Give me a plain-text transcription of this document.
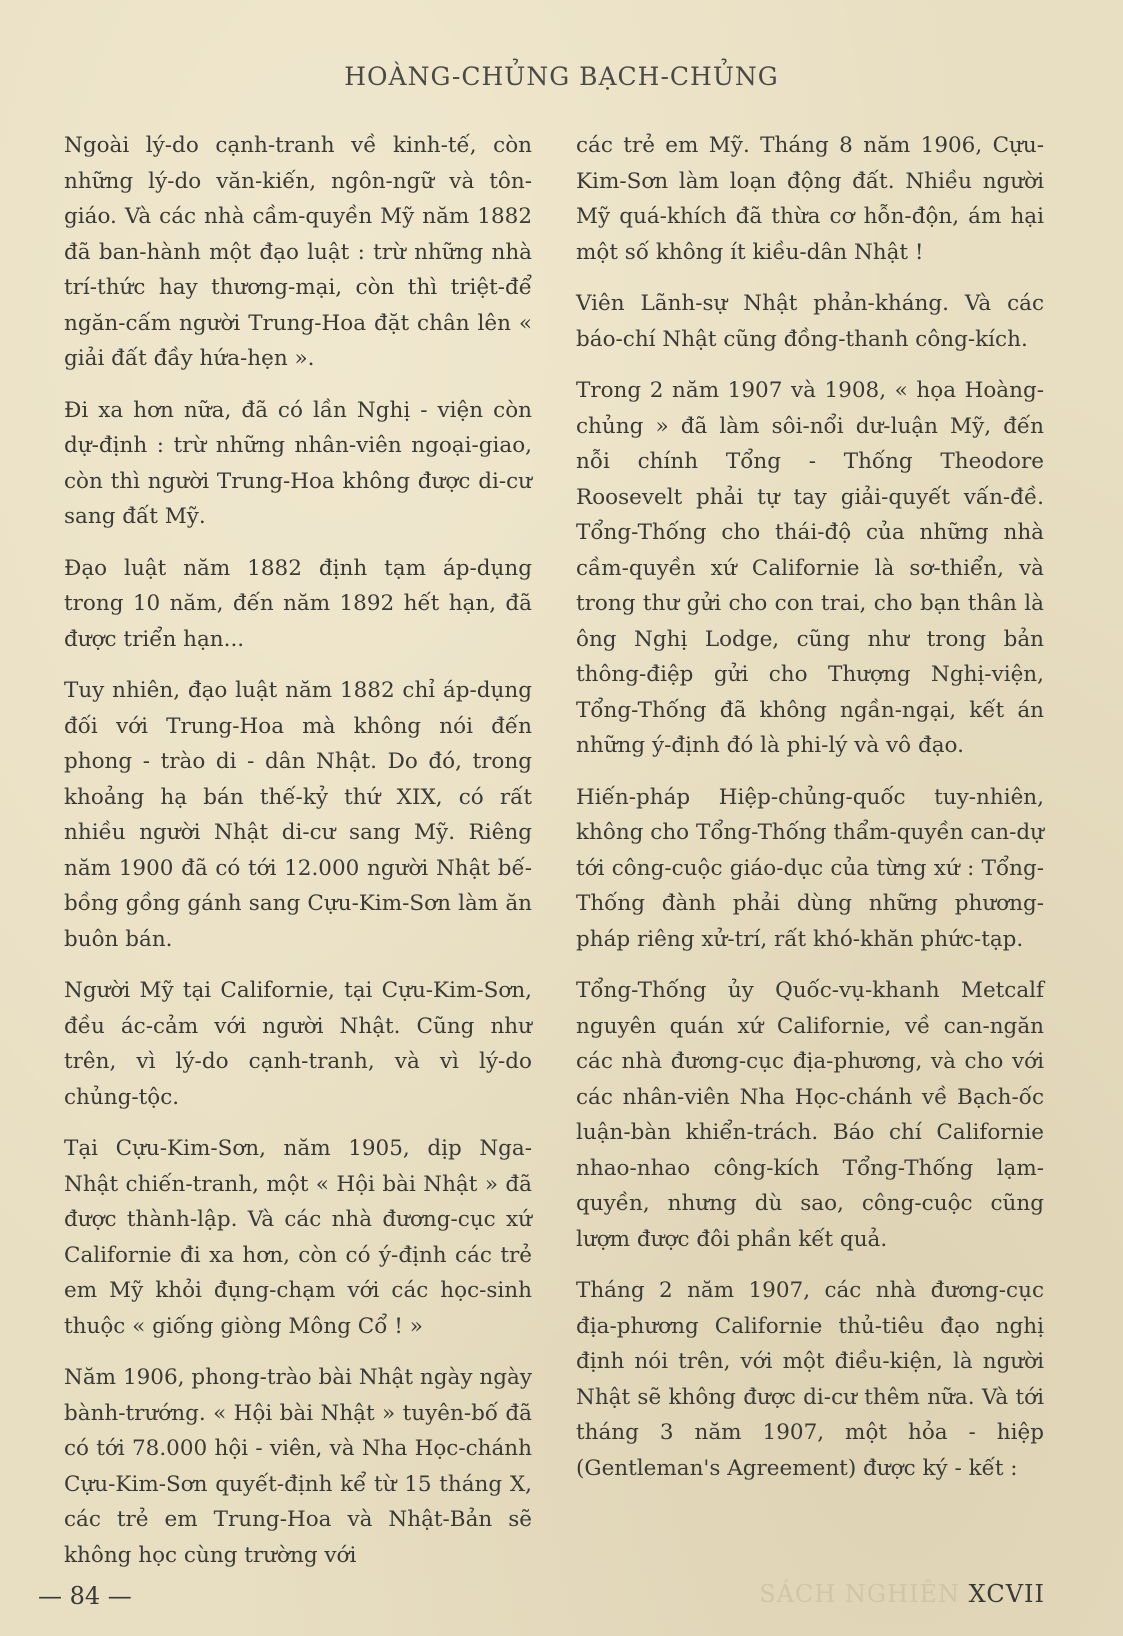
HOÀNG-CHỦNG BẠCH-CHỦNG

Ngoài lý-do cạnh-tranh về kinh-tế, còn những lý-do văn-kiến, ngôn-ngữ và tôn-giáo. Và các nhà cầm-quyền Mỹ năm 1882 đã ban-hành một đạo luật : trừ những nhà trí-thức hay thương-mại, còn thì triệt-để ngăn-cấm người Trung-Hoa đặt chân lên « giải đất đầy hứa-hẹn ».

Đi xa hơn nữa, đã có lần Nghị - viện còn dự-định : trừ những nhân-viên ngoại-giao, còn thì người Trung-Hoa không được di-cư sang đất Mỹ.

Đạo luật năm 1882 định tạm áp-dụng trong 10 năm, đến năm 1892 hết hạn, đã được triển hạn...

Tuy nhiên, đạo luật năm 1882 chỉ áp-dụng đối với Trung-Hoa mà không nói đến phong - trào di - dân Nhật. Do đó, trong khoảng hạ bán thế-kỷ thứ XIX, có rất nhiều người Nhật di-cư sang Mỹ. Riêng năm 1900 đã có tới 12.000 người Nhật bế-bồng gồng gánh sang Cựu-Kim-Sơn làm ăn buôn bán.

Người Mỹ tại Californie, tại Cựu-Kim-Sơn, đều ác-cảm với người Nhật. Cũng như trên, vì lý-do cạnh-tranh, và vì lý-do chủng-tộc.

Tại Cựu-Kim-Sơn, năm 1905, dịp Nga-Nhật chiến-tranh, một « Hội bài Nhật » đã được thành-lập. Và các nhà đương-cục xứ Californie đi xa hơn, còn có ý-định các trẻ em Mỹ khỏi đụng-chạm với các học-sinh thuộc « giống giòng Mông Cổ ! »

Năm 1906, phong-trào bài Nhật ngày ngày bành-trướng. « Hội bài Nhật » tuyên-bố đã có tới 78.000 hội - viên, và Nha Học-chánh Cựu-Kim-Sơn quyết-định kể từ 15 tháng X, các trẻ em Trung-Hoa và Nhật-Bản sẽ không học cùng trường với

các trẻ em Mỹ. Tháng 8 năm 1906, Cựu-Kim-Sơn làm loạn động đất. Nhiều người Mỹ quá-khích đã thừa cơ hỗn-độn, ám hại một số không ít kiều-dân Nhật !

Viên Lãnh-sự Nhật phản-kháng. Và các báo-chí Nhật cũng đồng-thanh công-kích.

Trong 2 năm 1907 và 1908, « họa Hoàng-chủng » đã làm sôi-nổi dư-luận Mỹ, đến nỗi chính Tổng - Thống Theodore Roosevelt phải tự tay giải-quyết vấn-đề. Tổng-Thống cho thái-độ của những nhà cầm-quyền xứ Californie là sơ-thiển, và trong thư gửi cho con trai, cho bạn thân là ông Nghị Lodge, cũng như trong bản thông-điệp gửi cho Thượng Nghị-viện, Tổng-Thống đã không ngần-ngại, kết án những ý-định đó là phi-lý và vô đạo.

Hiến-pháp Hiệp-chủng-quốc tuy-nhiên, không cho Tổng-Thống thẩm-quyền can-dự tới công-cuộc giáo-dục của từng xứ : Tổng-Thống đành phải dùng những phương-pháp riêng xử-trí, rất khó-khăn phức-tạp.

Tổng-Thống ủy Quốc-vụ-khanh Metcalf nguyên quán xứ Californie, về can-ngăn các nhà đương-cục địa-phương, và cho với các nhân-viên Nha Học-chánh về Bạch-ốc luận-bàn khiển-trách. Báo chí Californie nhao-nhao công-kích Tổng-Thống lạm-quyền, nhưng dù sao, công-cuộc cũng lượm được đôi phần kết quả.

Tháng 2 năm 1907, các nhà đương-cục địa-phương Californie thủ-tiêu đạo nghị định nói trên, với một điều-kiện, là người Nhật sẽ không được di-cư thêm nữa. Và tới tháng 3 năm 1907, một hỏa - hiệp (Gentleman's Agreement) được ký - kết :

— 84 —	SÁCH NGHIÊN XCVII
